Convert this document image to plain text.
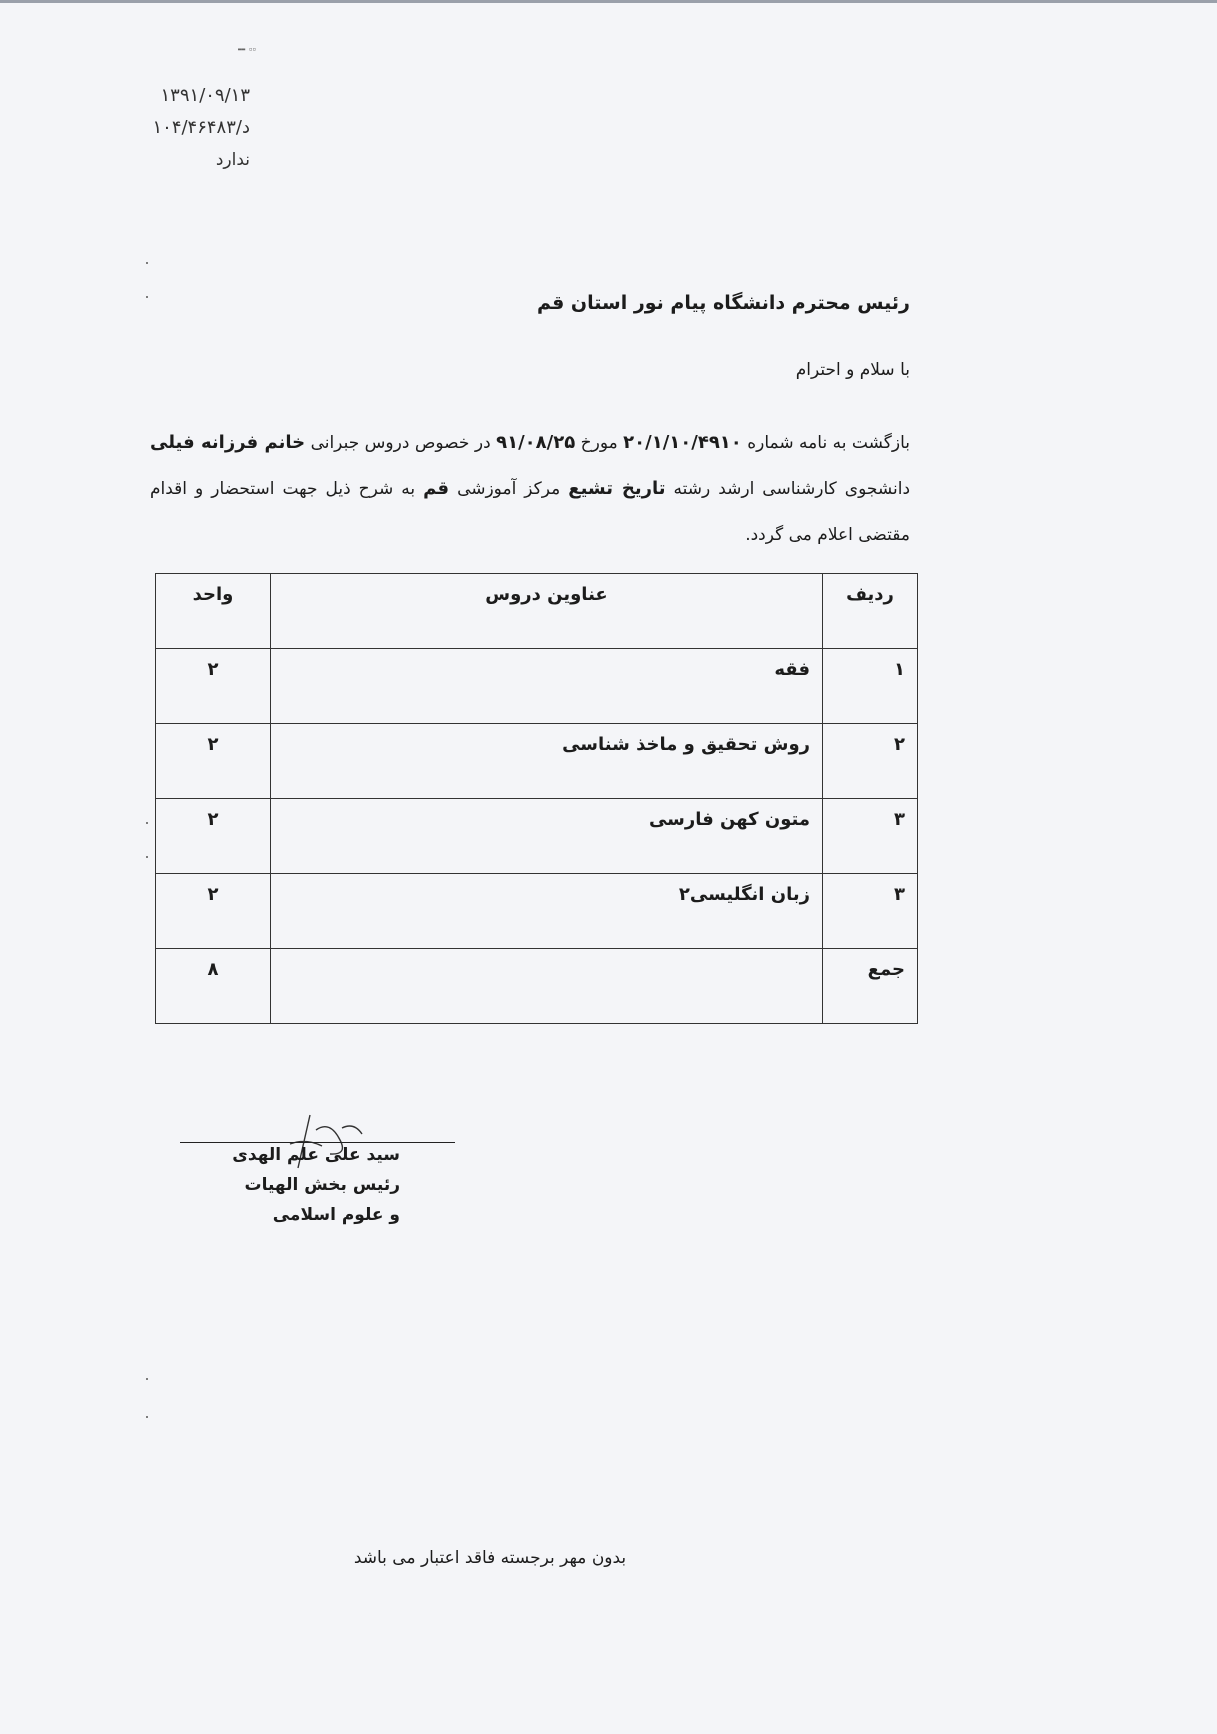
۱۳۹۱/۰۹/۱۳
د/۱۰۴/۴۶۴۸۳
ندارد
▬▬ ▫▫
رئیس محترم دانشگاه پیام نور استان قم
با سلام و احترام
بازگشت به نامه شماره ۲۰/۱/۱۰/۴۹۱۰ مورخ ۹۱/۰۸/۲۵ در خصوص دروس جبرانی خانم فرزانه فیلی دانشجوی کارشناسی ارشد رشته تاریخ تشیع مرکز آموزشی قم به شرح ذیل جهت استحضار و اقدام مقتضی اعلام می گردد.
ردیف	عناوین دروس	واحد
۱	فقه	۲
۲	روش تحقیق و ماخذ شناسی	۲
۳	متون کهن فارسی	۲
۳	زبان انگلیسی۲	۲
جمع		۸
سید علی علم الهدی
رئیس بخش الهیات
و علوم اسلامی
بدون مهر برجسته فاقد اعتبار می باشد
